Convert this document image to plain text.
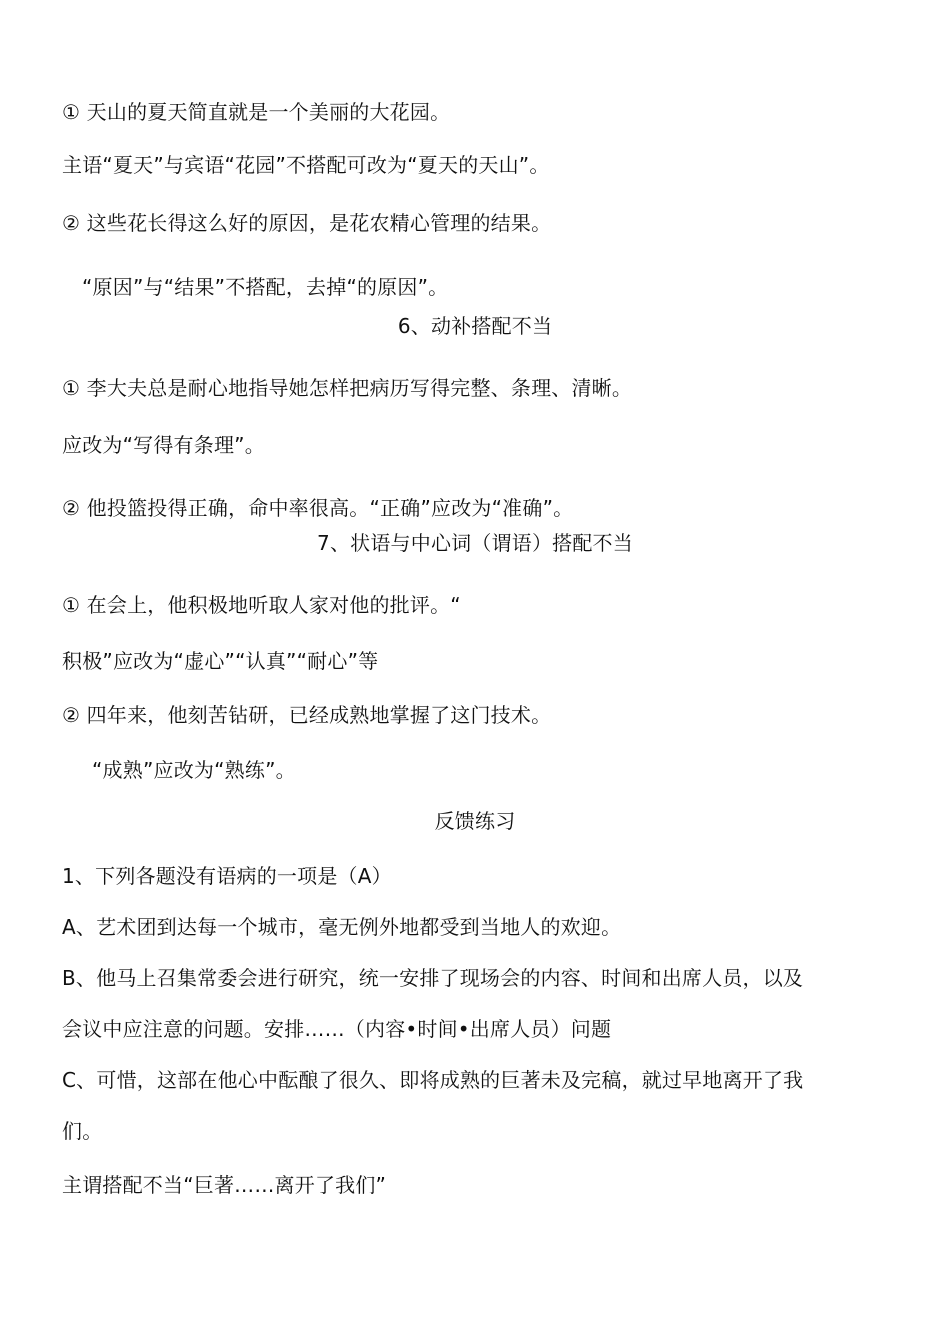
① 天山的夏天简直就是一个美丽的大花园。
主语“夏天”与宾语“花园”不搭配可改为“夏天的天山”。
② 这些花长得这么好的原因，是花农精心管理的结果。
“原因”与“结果”不搭配，去掉“的原因”。
6、动补搭配不当
① 李大夫总是耐心地指导她怎样把病历写得完整、条理、清晰。
应改为“写得有条理”。
② 他投篮投得正确，命中率很高。“正确”应改为“准确”。
7、状语与中心词（谓语）搭配不当
① 在会上，他积极地听取人家对他的批评。“
积极”应改为“虚心”“认真”“耐心”等
② 四年来，他刻苦钻研，已经成熟地掌握了这门技术。
“成熟”应改为“熟练”。
反馈练习
1、下列各题没有语病的一项是（A）
A、艺术团到达每一个城市，毫无例外地都受到当地人的欢迎。
B、他马上召集常委会进行研究，统一安排了现场会的内容、时间和出席人员，以及
会议中应注意的问题。安排……（内容•时间•出席人员）问题
C、可惜，这部在他心中酝酿了很久、即将成熟的巨著未及完稿，就过早地离开了我
们。
主谓搭配不当“巨著……离开了我们”
